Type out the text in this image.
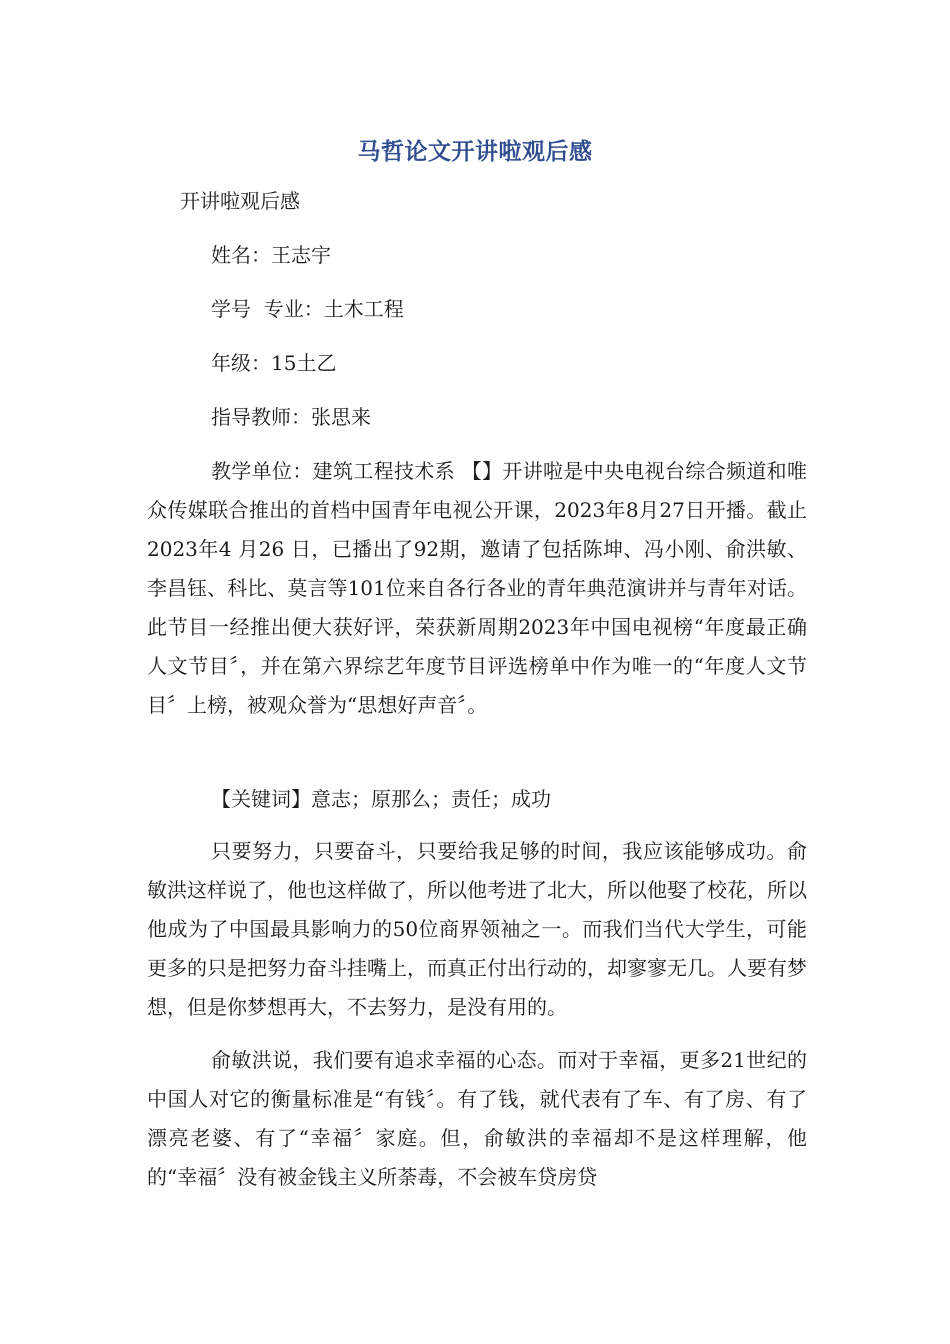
马哲论文开讲啦观后感
开讲啦观后感
姓名：王志宇
学号  专业：土木工程
年级：15土乙
指导教师：张思来

教学单位：建筑工程技术系 【】开讲啦是中央电视台综合频道和唯众传媒联合推出的首档中国青年电视公开课，2023年8月27日开播。截止2023年4 月26 日，已播出了92期，邀请了包括陈坤、冯小刚、俞洪敏、李昌钰、科比、莫言等101位来自各行各业的青年典范演讲并与青年对话。此节目一经推出便大获好评，荣获新周期2023年中国电视榜“年度最正确人文节目〞，并在第六界综艺年度节目评选榜单中作为唯一的“年度人文节目〞上榜，被观众誉为“思想好声音〞。

【关键词】意志；原那么；责任；成功

只要努力，只要奋斗，只要给我足够的时间，我应该能够成功。俞敏洪这样说了，他也这样做了，所以他考进了北大，所以他娶了校花，所以他成为了中国最具影响力的50位商界领袖之一。而我们当代大学生，可能更多的只是把努力奋斗挂嘴上，而真正付出行动的，却寥寥无几。人要有梦想，但是你梦想再大，不去努力，是没有用的。

俞敏洪说，我们要有追求幸福的心态。而对于幸福，更多21世纪的中国人对它的衡量标准是“有钱〞。有了钱，就代表有了车、有了房、有了漂亮老婆、有了“幸福〞家庭。但，俞敏洪的幸福却不是这样理解，他的“幸福〞没有被金钱主义所荼毒，不会被车贷房贷
